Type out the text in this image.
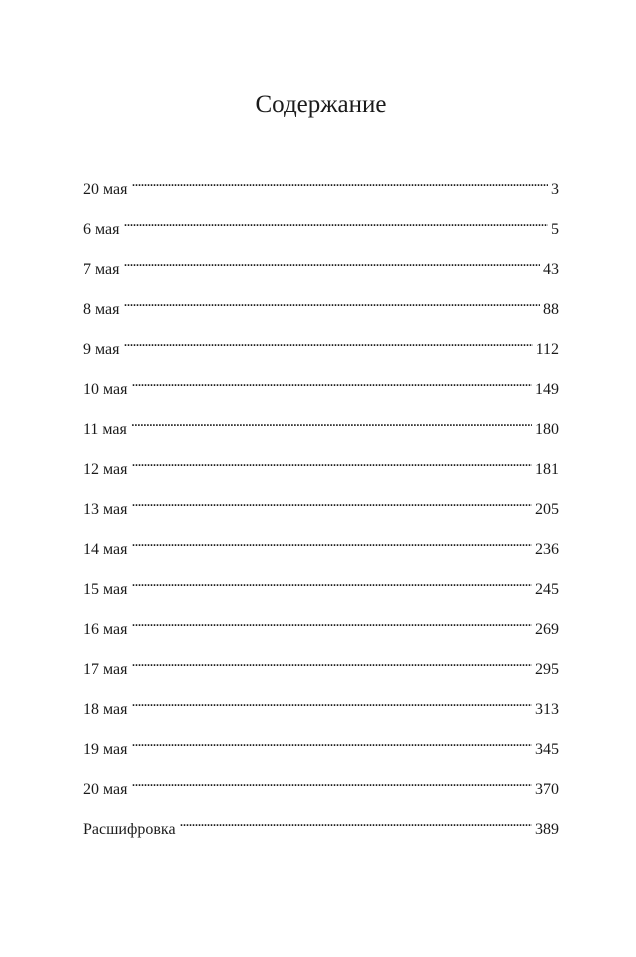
Содержание
20 мая . . .	3
6 мая . . .	5
7 мая . . .	43
8 мая . . .	88
9 мая . . .	112
10 мая . . .	149
11 мая . . .	180
12 мая . . .	181
13 мая . . .	205
14 мая . . .	236
15 мая . . .	245
16 мая . . .	269
17 мая . . .	295
18 мая . . .	313
19 мая . . .	345
20 мая . . .	370
Расшифровка . . .	389
